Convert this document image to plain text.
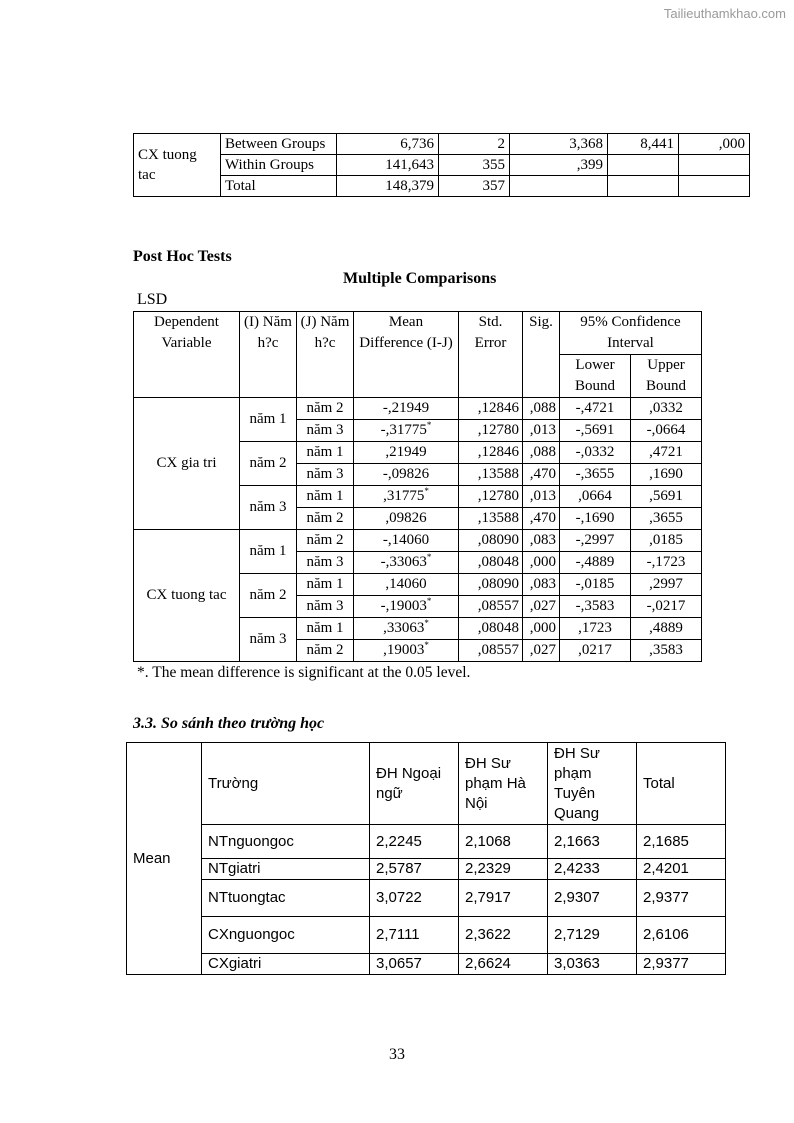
Tailieuthamkhao.com
CX tuong tac	Between Groups	6,736	2	3,368	8,441	,000
	Within Groups	141,643	355	,399		
	Total	148,379	357			
Post Hoc Tests
Multiple Comparisons
LSD
Dependent Variable	(I) Năm h?c	(J) Năm h?c	Mean Difference (I-J)	Std. Error	Sig.	95% Confidence Interval	
						Lower Bound	Upper Bound
CX gia tri	năm 1	năm 2	-,21949	,12846	,088	-,4721	,0332
		năm 3	-,31775*	,12780	,013	-,5691	-,0664
	năm 2	năm 1	,21949	,12846	,088	-,0332	,4721
		năm 3	-,09826	,13588	,470	-,3655	,1690
	năm 3	năm 1	,31775*	,12780	,013	,0664	,5691
		năm 2	,09826	,13588	,470	-,1690	,3655
CX tuong tac	năm 1	năm 2	-,14060	,08090	,083	-,2997	,0185
		năm 3	-,33063*	,08048	,000	-,4889	-,1723
	năm 2	năm 1	,14060	,08090	,083	-,0185	,2997
		năm 3	-,19003*	,08557	,027	-,3583	-,0217
	năm 3	năm 1	,33063*	,08048	,000	,1723	,4889
		năm 2	,19003*	,08557	,027	,0217	,3583
*. The mean difference is significant at the 0.05 level.
3.3. So sánh theo trường học
Mean	Trường	ĐH Ngoại ngữ	ĐH Sư phạm Hà Nội	ĐH Sư phạm Tuyên Quang	Total
	NTnguongoc	2,2245	2,1068	2,1663	2,1685
	NTgiatri	2,5787	2,2329	2,4233	2,4201
	NTtuongtac	3,0722	2,7917	2,9307	2,9377
	CXnguongoc	2,7111	2,3622	2,7129	2,6106
	CXgiatri	3,0657	2,6624	3,0363	2,9377
33
